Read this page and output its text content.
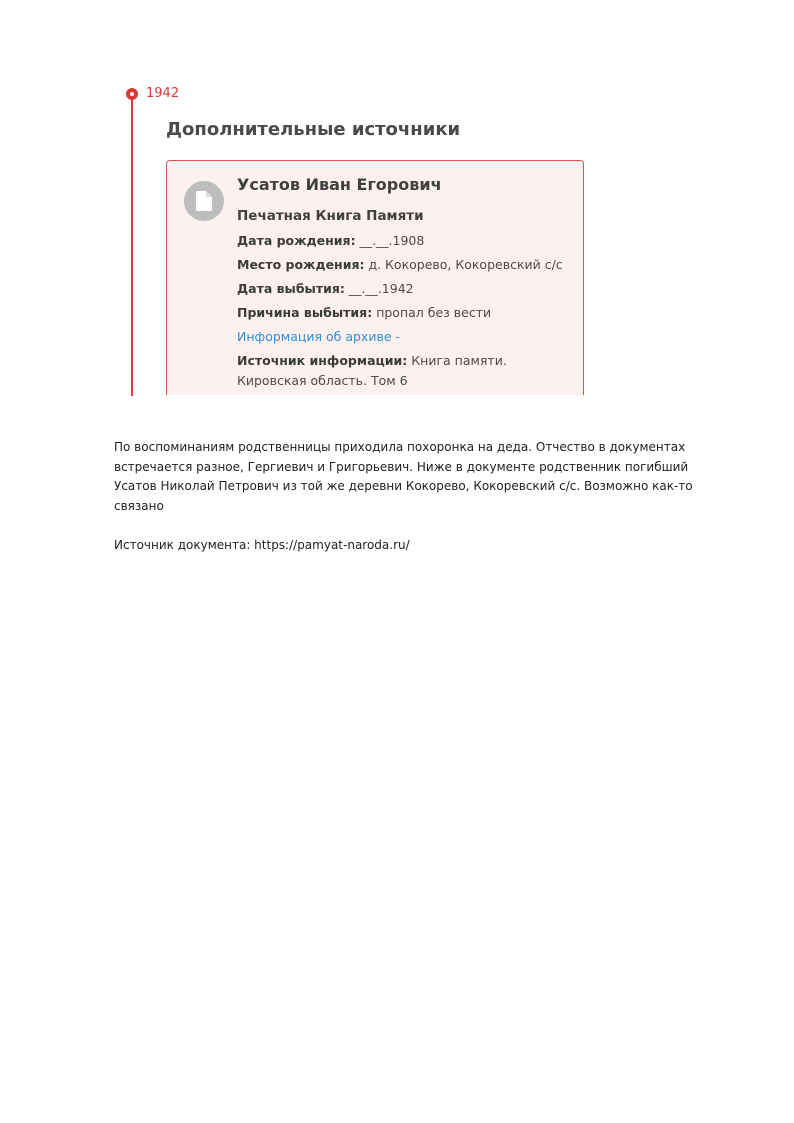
1942
Дополнительные источники
Усатов Иван Егорович

Печатная Книга Памяти

Дата рождения: __.__.1908

Место рождения: д. Кокорево, Кокоревский с/с

Дата выбытия: __.__.1942

Причина выбытия: пропал без вести

Информация об архиве -

Источник информации: Книга памяти. Кировская область. Том 6

По воспоминаниям родственницы приходила похоронка на деда. Отчество в документах встречается разное, Гергиевич и Григорьевич. Ниже в документе родственник погибший Усатов Николай Петрович из той же деревни Кокорево, Кокоревский с/с. Возможно как-то связано

Источник документа: https://pamyat-naroda.ru/
